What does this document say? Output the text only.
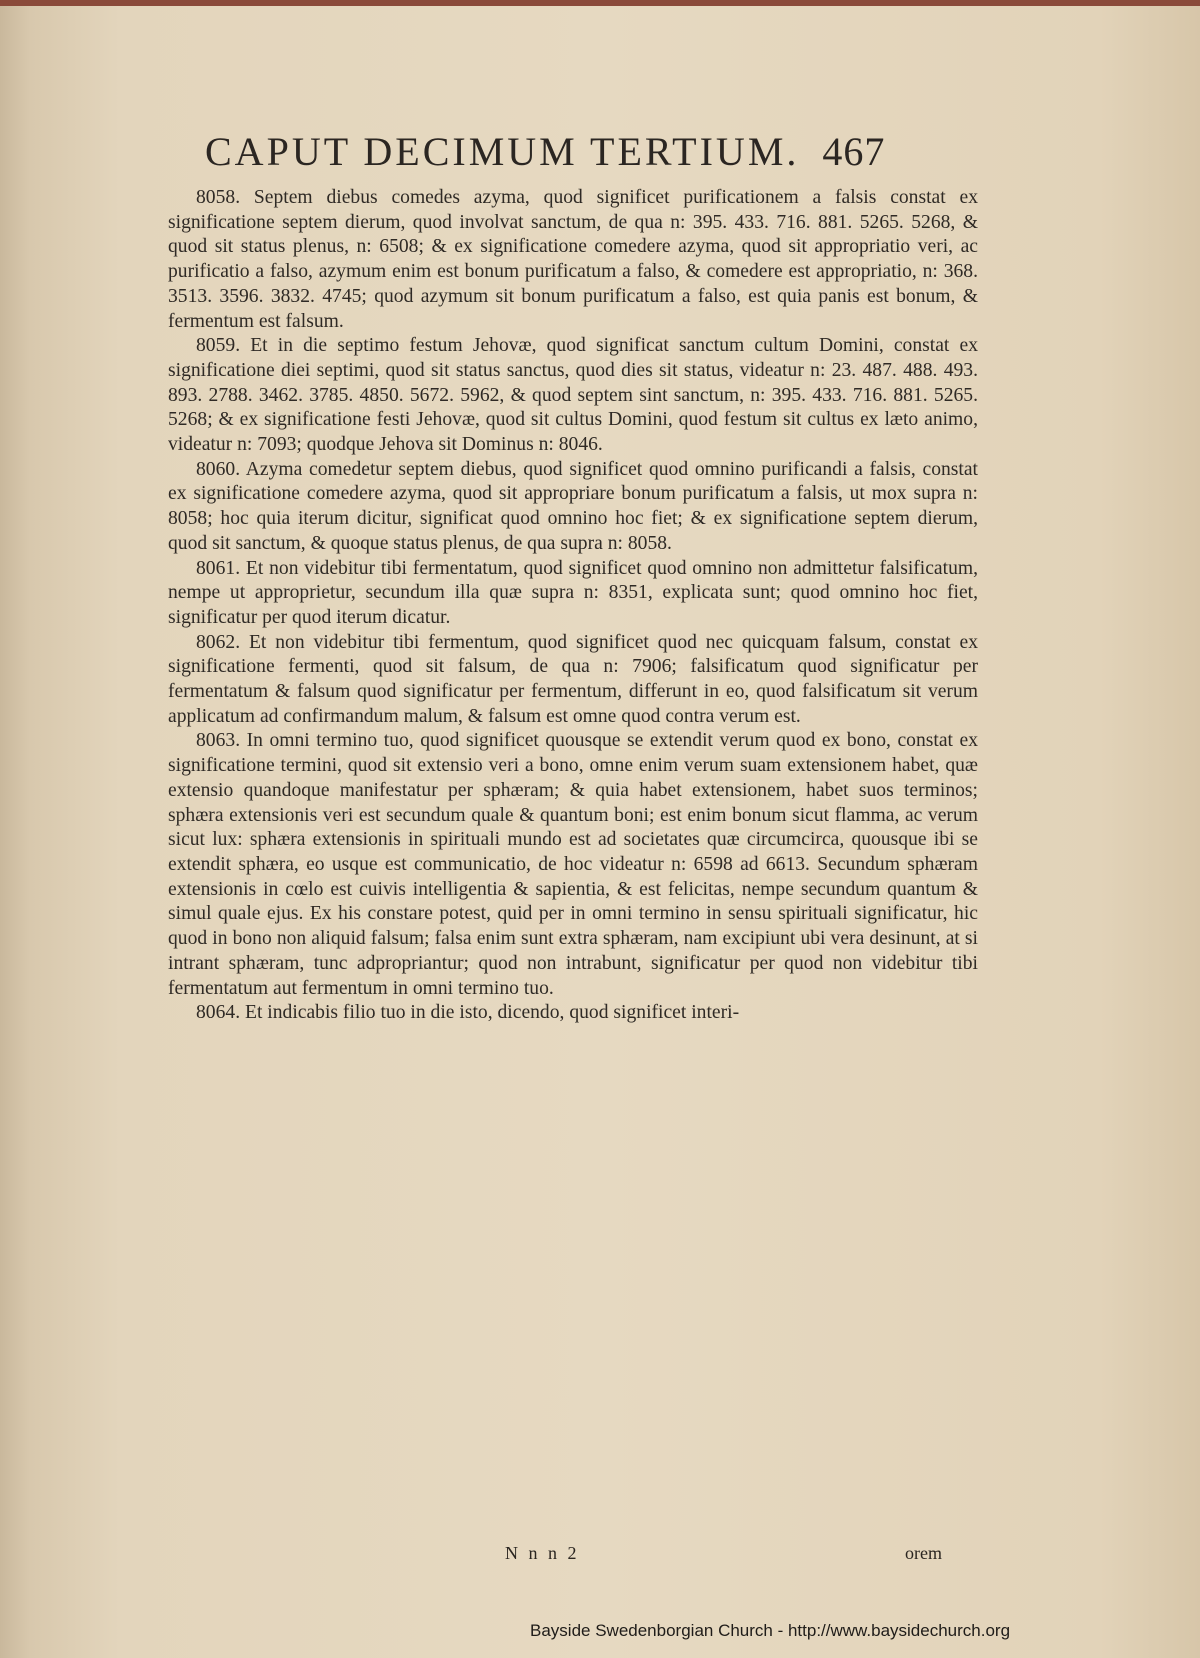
CAPUT DECIMUM TERTIUM. 467

8058. Septem diebus comedes azyma, quod significet purificationem a falsis constat ex significatione septem dierum, quod involvat sanctum, de qua n: 395. 433. 716. 881. 5265. 5268, & quod sit status plenus, n: 6508; & ex significatione comedere azyma, quod sit appropriatio veri, ac purificatio a falso, azymum enim est bonum purificatum a falso, & comedere est appropriatio, n: 368. 3513. 3596. 3832. 4745; quod azymum sit bonum purificatum a falso, est quia panis est bonum, & fermentum est falsum.

8059. Et in die septimo festum Jehovæ, quod significat sanctum cultum Domini, constat ex significatione diei septimi, quod sit status sanctus, quod dies sit status, videatur n: 23. 487. 488. 493. 893. 2788. 3462. 3785. 4850. 5672. 5962, & quod septem sint sanctum, n: 395. 433. 716. 881. 5265. 5268; & ex significatione festi Jehovæ, quod sit cultus Domini, quod festum sit cultus ex læto animo, videatur n: 7093; quodque Jehova sit Dominus n: 8046.

8060. Azyma comedetur septem diebus, quod significet quod omnino purificandi a falsis, constat ex significatione comedere azyma, quod sit appropriare bonum purificatum a falsis, ut mox supra n: 8058; hoc quia iterum dicitur, significat quod omnino hoc fiet; & ex significatione septem dierum, quod sit sanctum, & quoque status plenus, de qua supra n: 8058.

8061. Et non videbitur tibi fermentatum, quod significet quod omnino non admittetur falsificatum, nempe ut approprietur, secundum illa quæ supra n: 8351, explicata sunt; quod omnino hoc fiet, significatur per quod iterum dicatur.

8062. Et non videbitur tibi fermentum, quod significet quod nec quicquam falsum, constat ex significatione fermenti, quod sit falsum, de qua n: 7906; falsificatum quod significatur per fermentatum & falsum quod significatur per fermentum, differunt in eo, quod falsificatum sit verum applicatum ad confirmandum malum, & falsum est omne quod contra verum est.

8063. In omni termino tuo, quod significet quousque se extendit verum quod ex bono, constat ex significatione termini, quod sit extensio veri a bono, omne enim verum suam extensionem habet, quæ extensio quandoque manifestatur per sphæram; & quia habet extensionem, habet suos terminos; sphæra extensionis veri est secundum quale & quantum boni; est enim bonum sicut flamma, ac verum sicut lux: sphæra extensionis in spirituali mundo est ad societates quæ circumcirca, quousque ibi se extendit sphæra, eo usque est communicatio, de hoc videatur n: 6598 ad 6613. Secundum sphæram extensionis in cœlo est cuivis intelligentia & sapientia, & est felicitas, nempe secundum quantum & simul quale ejus. Ex his constare potest, quid per in omni termino in sensu spirituali significatur, hic quod in bono non aliquid falsum; falsa enim sunt extra sphæram, nam excipiunt ubi vera desinunt, at si intrant sphæram, tunc adpropriantur; quod non intrabunt, significatur per quod non videbitur tibi fermentatum aut fermentum in omni termino tuo.

8064. Et indicabis filio tuo in die isto, dicendo, quod significet interi-

N n n 2	orem
Bayside Swedenborgian Church - http://www.baysidechurch.org
